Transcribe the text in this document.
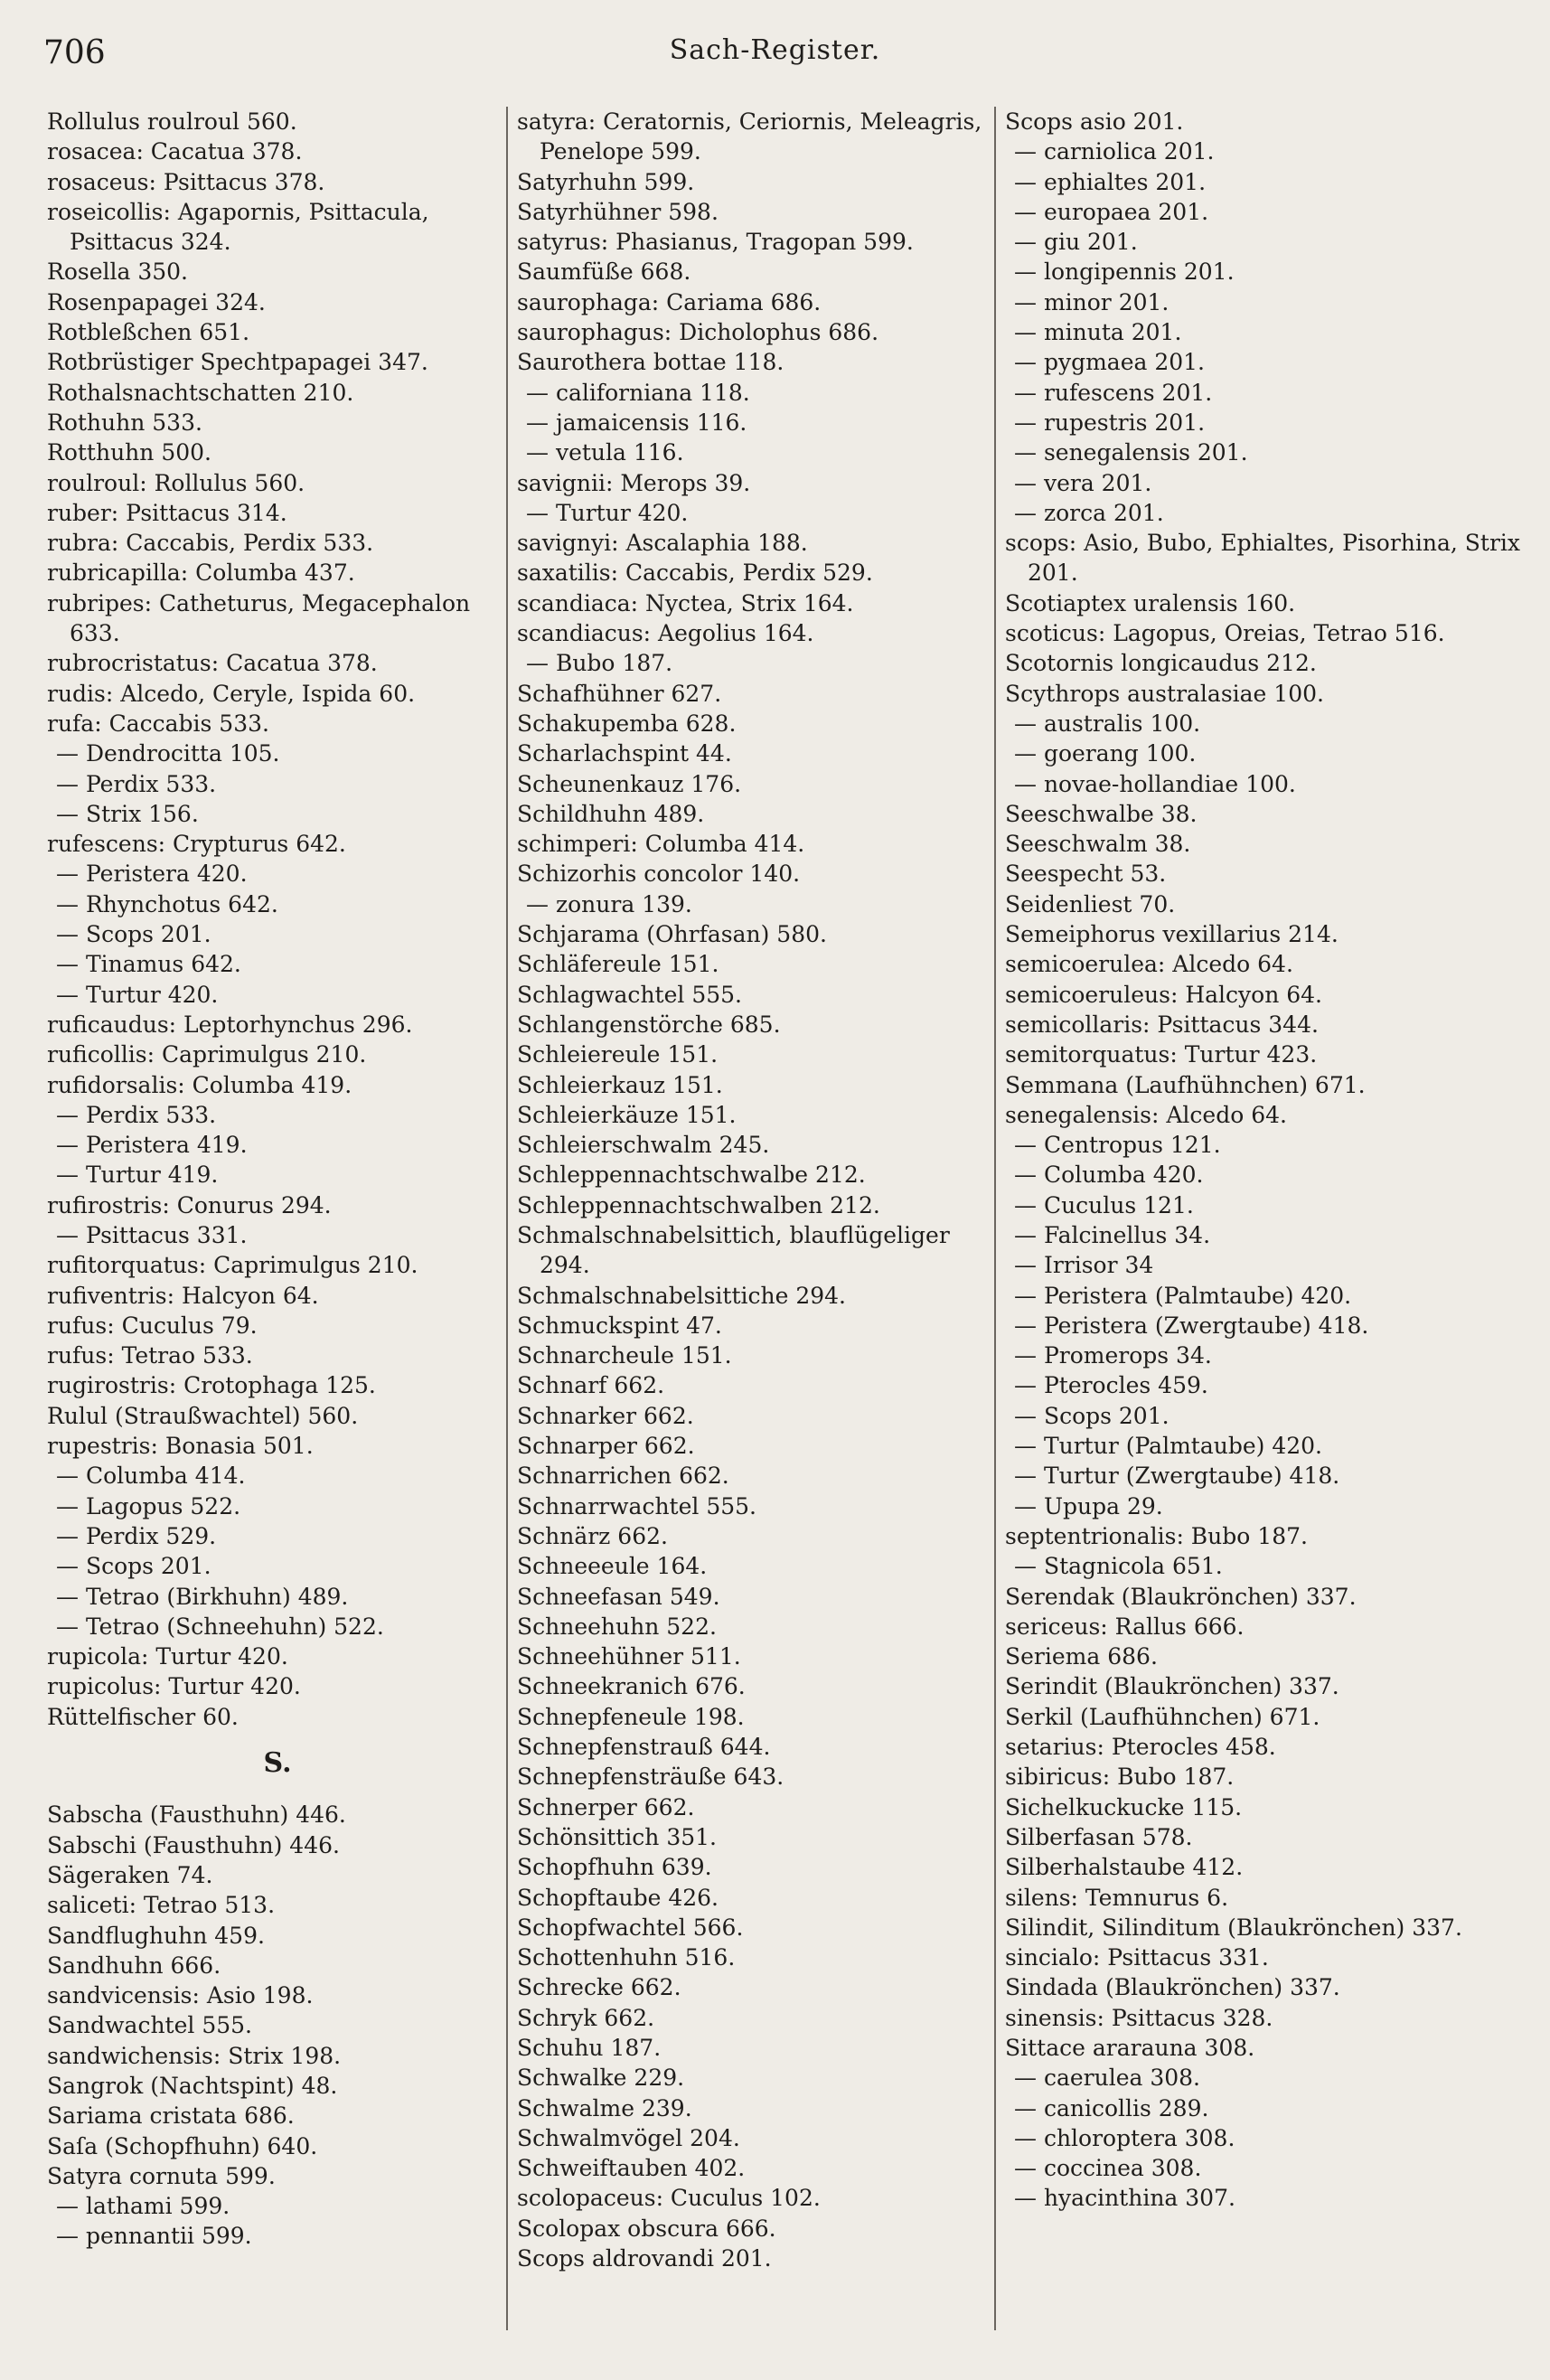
706	Sach-Register.
Rollulus roulroul 560.
rosacea: Cacatua 378.
rosaceus: Psittacus 378.
roseicollis: Agapornis, Psittacula, Psittacus 324.
Rosella 350.
Rosenpapagei 324.
Rotbleßchen 651.
Rotbrüstiger Spechtpapagei 347.
Rothalsnachtschatten 210.
Rothuhn 533.
Rotthuhn 500.
roulroul: Rollulus 560.
ruber: Psittacus 314.
rubra: Caccabis, Perdix 533.
rubricapilla: Columba 437.
rubripes: Catheturus, Megacephalon 633.
rubrocristatus: Cacatua 378.
rudis: Alcedo, Ceryle, Ispida 60.
rufa: Caccabis 533.
— Dendrocitta 105.
— Perdix 533.
— Strix 156.
rufescens: Crypturus 642.
— Peristera 420.
— Rhynchotus 642.
— Scops 201.
— Tinamus 642.
— Turtur 420.
ruficaudus: Leptorhynchus 296.
ruficollis: Caprimulgus 210.
rufidorsalis: Columba 419.
— Perdix 533.
— Peristera 419.
— Turtur 419.
rufirostris: Conurus 294.
— Psittacus 331.
rufitorquatus: Caprimulgus 210.
rufiventris: Halcyon 64.
rufus: Cuculus 79.
rufus: Tetrao 533.
rugirostris: Crotophaga 125.
Rulul (Straußwachtel) 560.
rupestris: Bonasia 501.
— Columba 414.
— Lagopus 522.
— Perdix 529.
— Scops 201.
— Tetrao (Birkhuhn) 489.
— Tetrao (Schneehuhn) 522.
rupicola: Turtur 420.
rupicolus: Turtur 420.
Rüttelfischer 60.
S.
Sabscha (Fausthuhn) 446.
Sabschi (Fausthuhn) 446.
Sägeraken 74.
saliceti: Tetrao 513.
Sandflughuhn 459.
Sandhuhn 666.
sandvicensis: Asio 198.
Sandwachtel 555.
sandwichensis: Strix 198.
Sangrok (Nachtspint) 48.
Sariama cristata 686.
Saſa (Schopfhuhn) 640.
Satyra cornuta 599.
— lathami 599.
— pennantii 599.
satyra: Ceratornis, Ceriornis, Meleagris, Penelope 599.
Satyrhuhn 599.
Satyrhühner 598.
satyrus: Phasianus, Tragopan 599.
Saumfüße 668.
saurophaga: Cariama 686.
saurophagus: Dicholophus 686.
Saurothera bottae 118.
— californiana 118.
— jamaicensis 116.
— vetula 116.
savignii: Merops 39.
— Turtur 420.
savignyi: Ascalaphia 188.
saxatilis: Caccabis, Perdix 529.
scandiaca: Nyctea, Strix 164.
scandiacus: Aegolius 164.
— Bubo 187.
Schafhühner 627.
Schakupemba 628.
Scharlachspint 44.
Scheunenkauz 176.
Schildhuhn 489.
schimperi: Columba 414.
Schizorhis concolor 140.
— zonura 139.
Schjarama (Ohrfasan) 580.
Schläfereule 151.
Schlagwachtel 555.
Schlangenstörche 685.
Schleiereule 151.
Schleierkauz 151.
Schleierkäuze 151.
Schleierschwalm 245.
Schleppennachtschwalbe 212.
Schleppennachtschwalben 212.
Schmalschnabelsittich, blauflügeliger 294.
Schmalschnabelsittiche 294.
Schmuckspint 47.
Schnarcheule 151.
Schnarf 662.
Schnarker 662.
Schnarper 662.
Schnarrichen 662.
Schnarrwachtel 555.
Schnärz 662.
Schneeeule 164.
Schneefasan 549.
Schneehuhn 522.
Schneehühner 511.
Schneekranich 676.
Schnepfeneule 198.
Schnepfenstrauß 644.
Schnepfensträuße 643.
Schnerper 662.
Schönsittich 351.
Schopfhuhn 639.
Schopftaube 426.
Schopfwachtel 566.
Schottenhuhn 516.
Schrecke 662.
Schryk 662.
Schuhu 187.
Schwalke 229.
Schwalme 239.
Schwalmvögel 204.
Schweiftauben 402.
scolopaceus: Cuculus 102.
Scolopax obscura 666.
Scops aldrovandi 201.
Scops asio 201.
— carniolica 201.
— ephialtes 201.
— europaea 201.
— giu 201.
— longipennis 201.
— minor 201.
— minuta 201.
— pygmaea 201.
— rufescens 201.
— rupestris 201.
— senegalensis 201.
— vera 201.
— zorca 201.
scops: Asio, Bubo, Ephialtes, Pisorhina, Strix 201.
Scotiaptex uralensis 160.
scoticus: Lagopus, Oreias, Tetrao 516.
Scotornis longicaudus 212.
Scythrops australasiae 100.
— australis 100.
— goerang 100.
— novae-hollandiae 100.
Seeschwalbe 38.
Seeschwalm 38.
Seespecht 53.
Seidenliest 70.
Semeiphorus vexillarius 214.
semicoerulea: Alcedo 64.
semicoeruleus: Halcyon 64.
semicollaris: Psittacus 344.
semitorquatus: Turtur 423.
Semmana (Laufhühnchen) 671.
senegalensis: Alcedo 64.
— Centropus 121.
— Columba 420.
— Cuculus 121.
— Falcinellus 34.
— Irrisor 34
— Peristera (Palmtaube) 420.
— Peristera (Zwergtaube) 418.
— Promerops 34.
— Pterocles 459.
— Scops 201.
— Turtur (Palmtaube) 420.
— Turtur (Zwergtaube) 418.
— Upupa 29.
septentrionalis: Bubo 187.
— Stagnicola 651.
Serendak (Blaukrönchen) 337.
sericeus: Rallus 666.
Seriema 686.
Serindit (Blaukrönchen) 337.
Serkil (Laufhühnchen) 671.
setarius: Pterocles 458.
sibiricus: Bubo 187.
Sichelkuckucke 115.
Silberfasan 578.
Silberhalstaube 412.
silens: Temnurus 6.
Silindit, Silinditum (Blaukrönchen) 337.
sincialo: Psittacus 331.
Sindada (Blaukrönchen) 337.
sinensis: Psittacus 328.
Sittace ararauna 308.
— caerulea 308.
— canicollis 289.
— chloroptera 308.
— coccinea 308.
— hyacinthina 307.
